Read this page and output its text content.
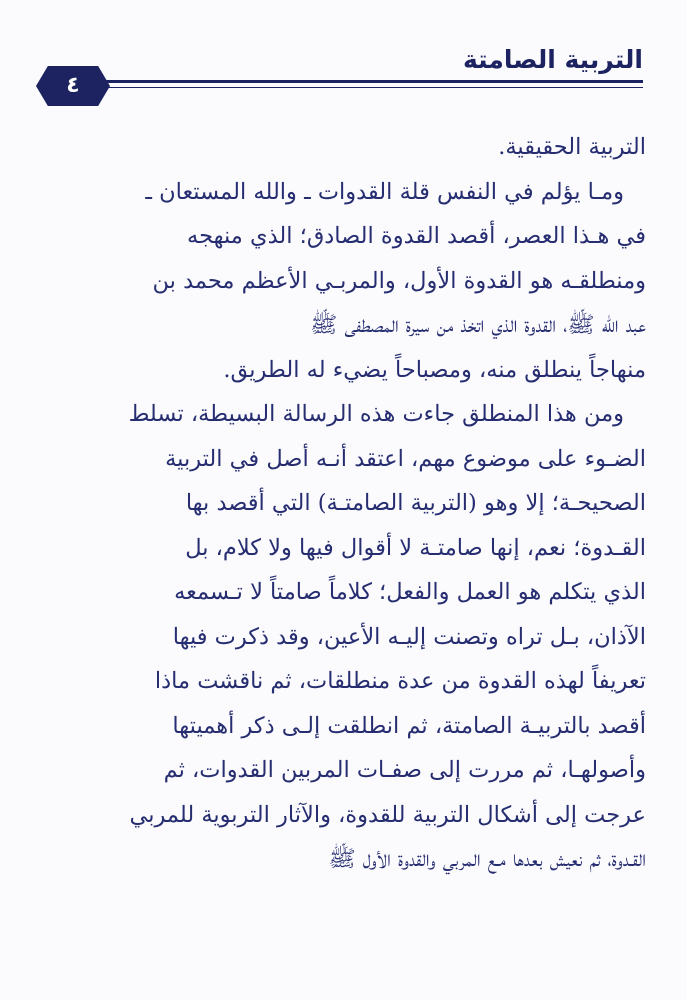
التربية الصامتة
٤
التربية الحقيقية.
ومـا يؤلم في النفس قلة القدوات ـ والله المستعان ـ
في هـذا العصر، أقصد القدوة الصادق؛ الذي منهجه
ومنطلقـه هو القدوة الأول، والمربـي الأعظم محمد بن
عبد الله ﷺ، القدوة الذي اتخذ من سيرة المصطفى ﷺ
منهاجاً ينطلق منه، ومصباحاً يضيء له الطريق.
ومن هذا المنطلق جاءت هذه الرسالة البسيطة، تسلط
الضـوء على موضوع مهم، اعتقد أنـه أصل في التربية
الصحيحـة؛ إلا وهو (التربية الصامتـة) التي أقصد بها
القـدوة؛ نعم، إنها صامتـة لا أقوال فيها ولا كلام، بل
الذي يتكلم هو العمل والفعل؛ كلاماً صامتاً لا تـسمعه
الآذان، بـل تراه وتصنت إليـه الأعين، وقد ذكرت فيها
تعريفاً لهذه القدوة من عدة منطلقات، ثم ناقشت ماذا
أقصد بالتربيـة الصامتة، ثم انطلقت إلـى ذكر أهميتها
وأصولهـا، ثم مررت إلى صفـات المربين القدوات، ثم
عرجت إلى أشكال التربية للقدوة، والآثار التربوية للمربي
القـدوة، ثم نعيش بعدها مـع المربي والقدوة الأول ﷺ
